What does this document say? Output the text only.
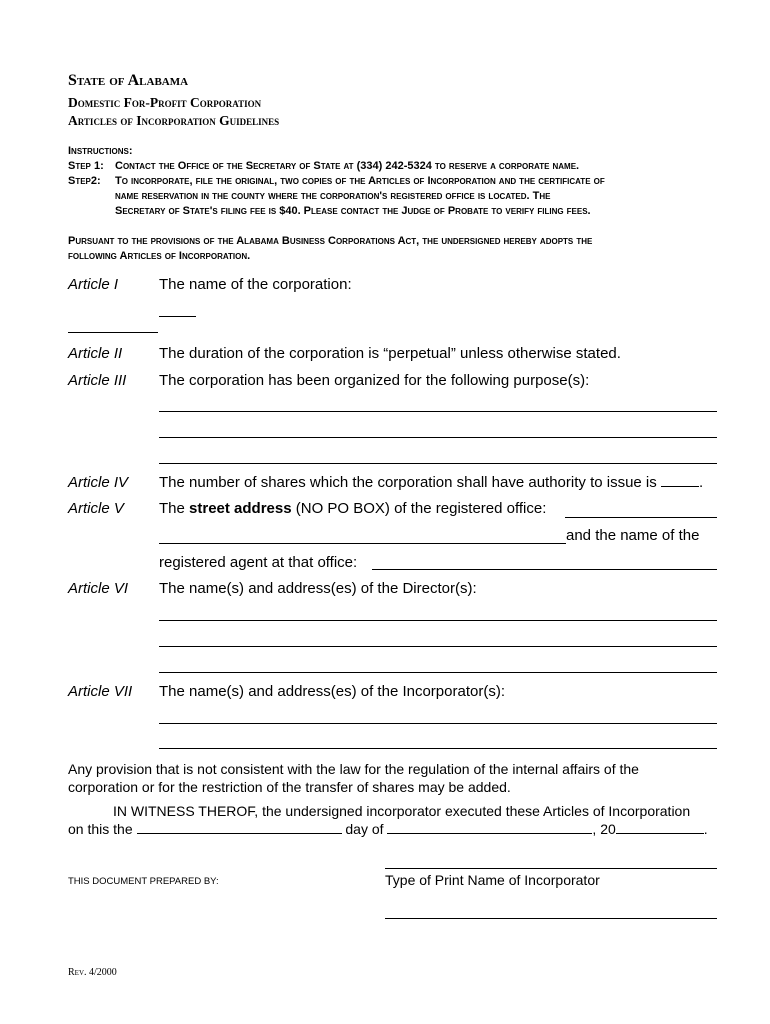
State of Alabama
Domestic For-Profit Corporation
Articles of Incorporation Guidelines
Instructions:
Step 1: Contact the Office of the Secretary of State at (334) 242-5324 to reserve a corporate name.
Step2: To incorporate, file the original, two copies of the Articles of Incorporation and the certificate of
name reservation in the county where the corporation's registered office is located. The
Secretary of State's filing fee is $40. Please contact the Judge of Probate to verify filing fees.
Pursuant to the provisions of the Alabama Business Corporations Act, the undersigned hereby adopts the
following Articles of Incorporation.
Article I	The name of the corporation:
Article II The duration of the corporation is “perpetual” unless otherwise stated.
Article III The corporation has been organized for the following purpose(s):
Article IV The number of shares which the corporation shall have authority to issue is	.
Article V The street address (NO PO BOX) of the registered office:
and the name of the
registered agent at that office:
Article VI The name(s) and address(es) of the Director(s):
Article VII The name(s) and address(es) of the Incorporator(s):
Any provision that is not consistent with the law for the regulation of the internal affairs of the
corporation or for the restriction of the transfer of shares may be added.
IN WITNESS THEROF, the undersigned incorporator executed these Articles of Incorporation
on this the	day of	, 20	.
THIS DOCUMENT PREPARED BY:	Type of Print Name of Incorporator
Rev. 4/2000
